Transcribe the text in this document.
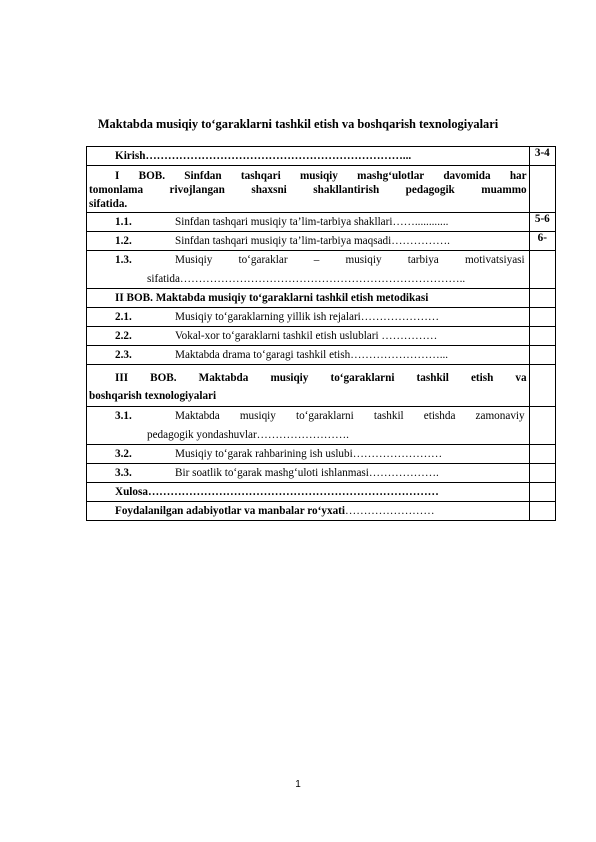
Maktabda musiqiy to‘garaklarni tashkil etish va boshqarish texnologiyalari
Kirish……………………………………………………………...	3-4

I BOB. Sinfdan tashqari musiqiy mashg‘ulotlar davomida har
tomonlama rivojlangan shaxsni shakllantirish pedagogik muammo
sifatida.	

1.1. Sinfdan tashqari musiqiy ta’lim-tarbiya shakllari……............	5-6

1.2. Sinfdan tashqari musiqiy ta’lim-tarbiya maqsadi…………….	6-

1.3. Musiqiy to‘garaklar – musiqiy tarbiya motivatsiyasi
sifatida…………………………………………………………………..	

II BOB. Maktabda musiqiy to‘garaklarni tashkil etish metodikasi	

2.1. Musiqiy to‘garaklarning yillik ish rejalari…………………	

2.2. Vokal-xor to‘garaklarni tashkil etish uslublari ……………	

2.3. Maktabda drama to‘garagi tashkil etish……………………...	

III BOB. Maktabda musiqiy to‘garaklarni tashkil etish va
boshqarish texnologiyalari	

3.1. Maktabda musiqiy to‘garaklarni tashkil etishda zamonaviy
pedagogik yondashuvlar…………………….	

3.2. Musiqiy to‘garak rahbarining ish uslubi……………………	

3.3. Bir soatlik to‘garak mashg‘uloti ishlanmasi……………….	

Xulosa……………………………………………………………………	

Foydalanilgan adabiyotlar va manbalar ro‘yxati……………………	

1
